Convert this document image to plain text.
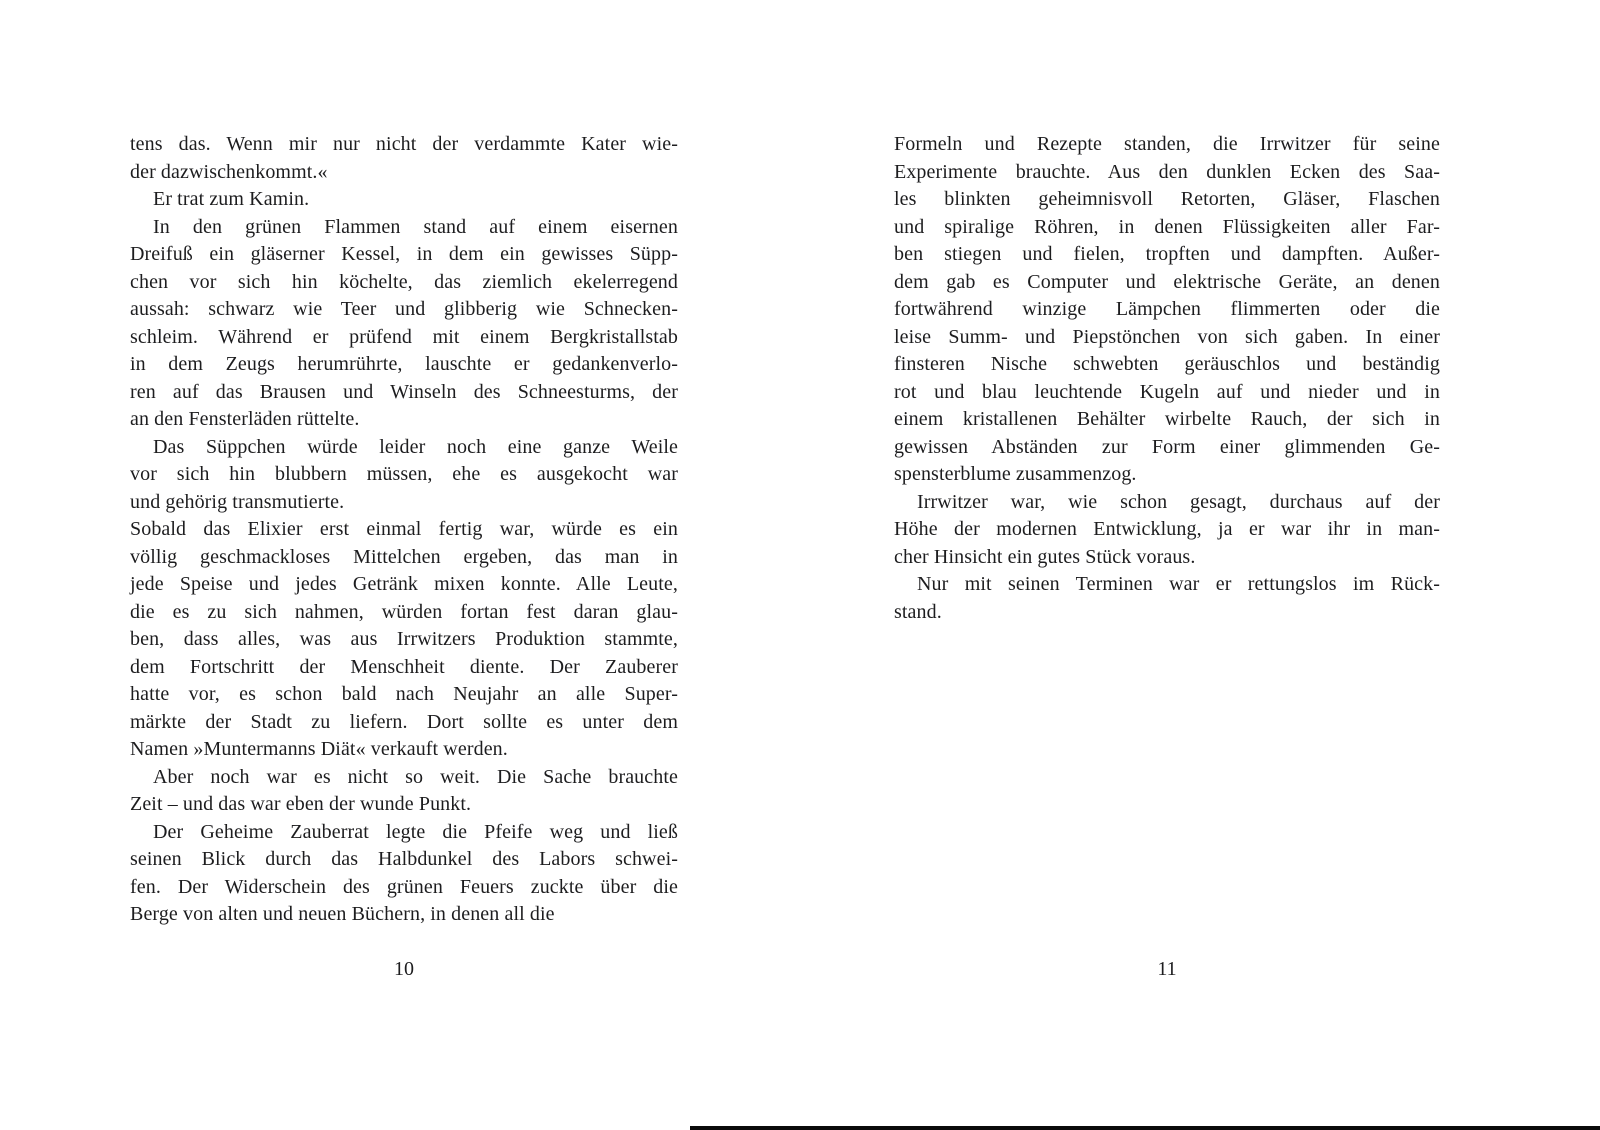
tens das. Wenn mir nur nicht der verdammte Kater wie-
der dazwischenkommt.«
Er trat zum Kamin.
In den grünen Flammen stand auf einem eisernen
Dreifuß ein gläserner Kessel, in dem ein gewisses Süpp-
chen vor sich hin köchelte, das ziemlich ekelerregend
aussah: schwarz wie Teer und glibberig wie Schnecken-
schleim. Während er prüfend mit einem Bergkristallstab
in dem Zeugs herumrührte, lauschte er gedankenverlo-
ren auf das Brausen und Winseln des Schneesturms, der
an den Fensterläden rüttelte.
Das Süppchen würde leider noch eine ganze Weile
vor sich hin blubbern müssen, ehe es ausgekocht war
und gehörig transmutierte.
Sobald das Elixier erst einmal fertig war, würde es ein
völlig geschmackloses Mittelchen ergeben, das man in
jede Speise und jedes Getränk mixen konnte. Alle Leute,
die es zu sich nahmen, würden fortan fest daran glau-
ben, dass alles, was aus Irrwitzers Produktion stammte,
dem Fortschritt der Menschheit diente. Der Zauberer
hatte vor, es schon bald nach Neujahr an alle Super-
märkte der Stadt zu liefern. Dort sollte es unter dem
Namen »Muntermanns Diät« verkauft werden.
Aber noch war es nicht so weit. Die Sache brauchte
Zeit – und das war eben der wunde Punkt.
Der Geheime Zauberrat legte die Pfeife weg und ließ
seinen Blick durch das Halbdunkel des Labors schwei-
fen. Der Widerschein des grünen Feuers zuckte über die
Berge von alten und neuen Büchern, in denen all die
10
Formeln und Rezepte standen, die Irrwitzer für seine
Experimente brauchte. Aus den dunklen Ecken des Saa-
les blinkten geheimnisvoll Retorten, Gläser, Flaschen
und spiralige Röhren, in denen Flüssigkeiten aller Far-
ben stiegen und fielen, tropften und dampften. Außer-
dem gab es Computer und elektrische Geräte, an denen
fortwährend winzige Lämpchen flimmerten oder die
leise Summ- und Piepstönchen von sich gaben. In einer
finsteren Nische schwebten geräuschlos und beständig
rot und blau leuchtende Kugeln auf und nieder und in
einem kristallenen Behälter wirbelte Rauch, der sich in
gewissen Abständen zur Form einer glimmenden Ge-
spensterblume zusammenzog.
Irrwitzer war, wie schon gesagt, durchaus auf der
Höhe der modernen Entwicklung, ja er war ihr in man-
cher Hinsicht ein gutes Stück voraus.
Nur mit seinen Terminen war er rettungslos im Rück-
stand.
11
